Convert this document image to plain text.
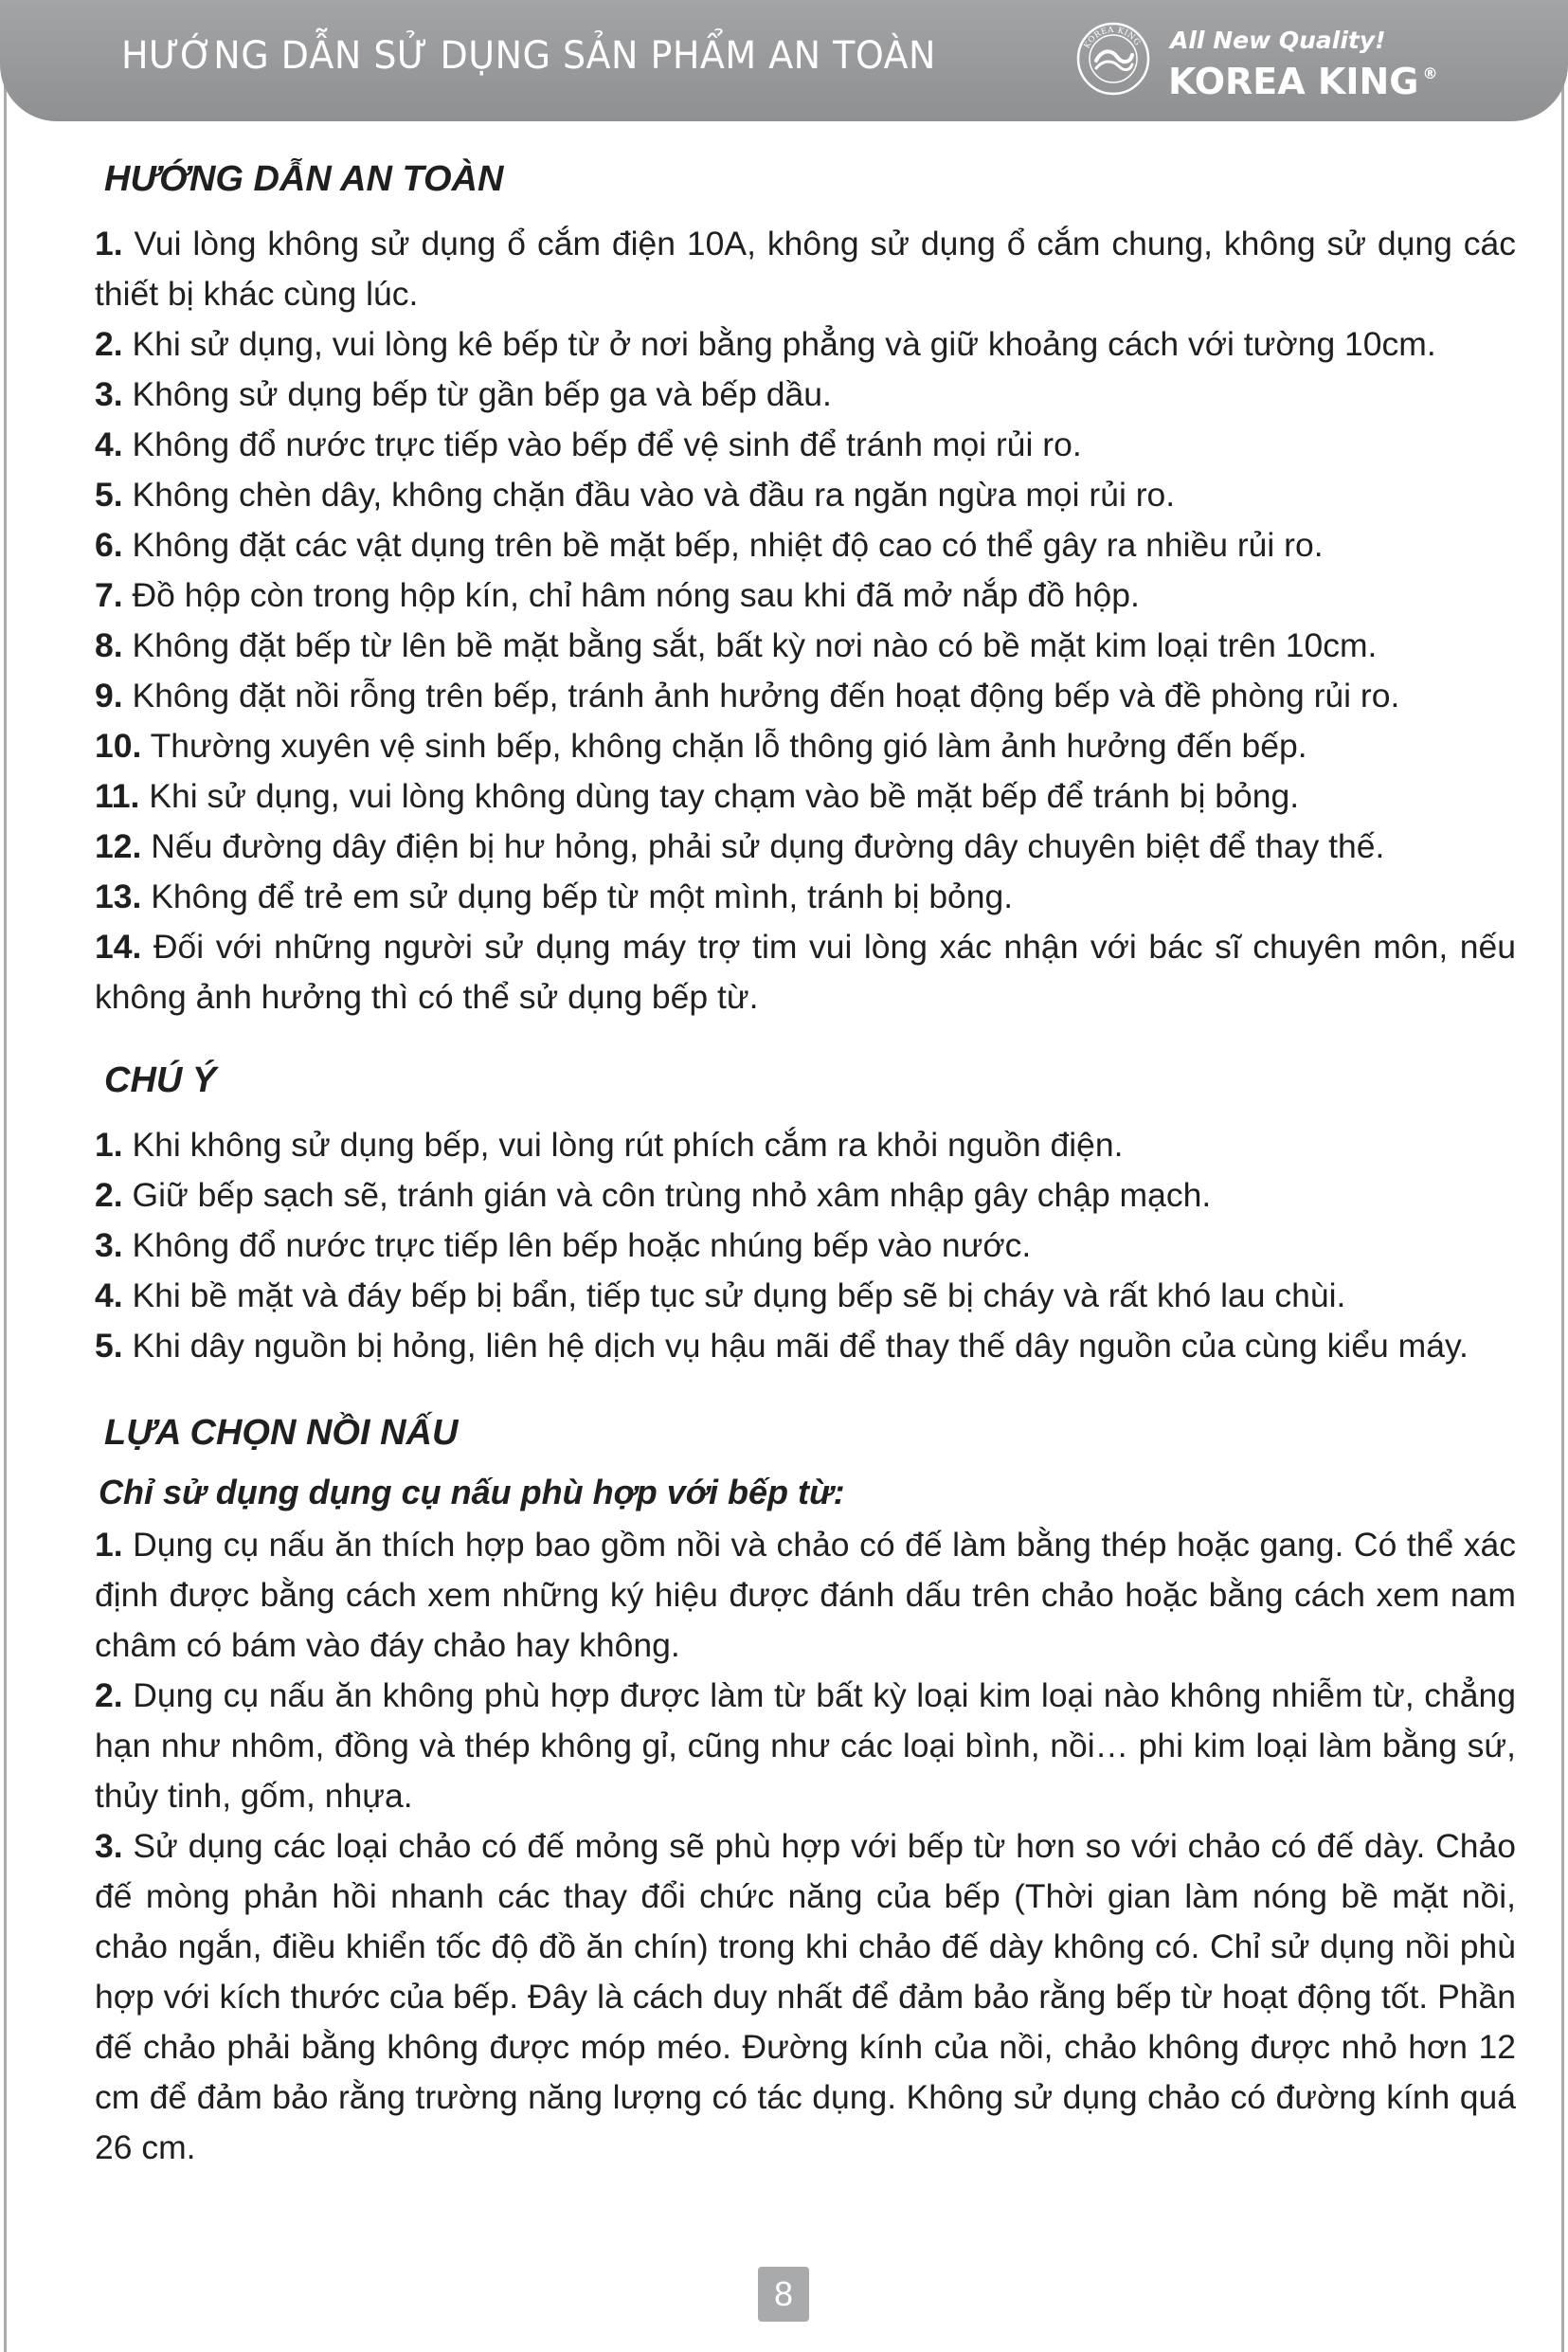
HƯỚNG DẪN SỬ DỤNG SẢN PHẨM AN TOÀN	KOREA KING All New Quality!
KOREA KING ®
HƯỚNG DẪN AN TOÀN

1. Vui lòng không sử dụng ổ cắm điện 10A, không sử dụng ổ cắm chung, không sử dụng các thiết bị khác cùng lúc.

2. Khi sử dụng, vui lòng kê bếp từ ở nơi bằng phẳng và giữ khoảng cách với tường 10cm.

3. Không sử dụng bếp từ gần bếp ga và bếp dầu.

4. Không đổ nước trực tiếp vào bếp để vệ sinh để tránh mọi rủi ro.

5. Không chèn dây, không chặn đầu vào và đầu ra ngăn ngừa mọi rủi ro.

6. Không đặt các vật dụng trên bề mặt bếp, nhiệt độ cao có thể gây ra nhiều rủi ro.

7. Đồ hộp còn trong hộp kín, chỉ hâm nóng sau khi đã mở nắp đồ hộp.

8. Không đặt bếp từ lên bề mặt bằng sắt, bất kỳ nơi nào có bề mặt kim loại trên 10cm.

9. Không đặt nồi rỗng trên bếp, tránh ảnh hưởng đến hoạt động bếp và đề phòng rủi ro.

10. Thường xuyên vệ sinh bếp, không chặn lỗ thông gió làm ảnh hưởng đến bếp.

11. Khi sử dụng, vui lòng không dùng tay chạm vào bề mặt bếp để tránh bị bỏng.

12. Nếu đường dây điện bị hư hỏng, phải sử dụng đường dây chuyên biệt để thay thế.

13. Không để trẻ em sử dụng bếp từ một mình, tránh bị bỏng.

14. Đối với những người sử dụng máy trợ tim vui lòng xác nhận với bác sĩ chuyên môn, nếu không ảnh hưởng thì có thể sử dụng bếp từ.

CHÚ Ý

1. Khi không sử dụng bếp, vui lòng rút phích cắm ra khỏi nguồn điện.

2. Giữ bếp sạch sẽ, tránh gián và côn trùng nhỏ xâm nhập gây chập mạch.

3. Không đổ nước trực tiếp lên bếp hoặc nhúng bếp vào nước.

4. Khi bề mặt và đáy bếp bị bẩn, tiếp tục sử dụng bếp sẽ bị cháy và rất khó lau chùi.

5. Khi dây nguồn bị hỏng, liên hệ dịch vụ hậu mãi để thay thế dây nguồn của cùng kiểu máy.

LỰA CHỌN NỒI NẤU
Chỉ sử dụng dụng cụ nấu phù hợp với bếp từ:

1. Dụng cụ nấu ăn thích hợp bao gồm nồi và chảo có đế làm bằng thép hoặc gang. Có thể xác định được bằng cách xem những ký hiệu được đánh dấu trên chảo hoặc bằng cách xem nam châm có bám vào đáy chảo hay không.

2. Dụng cụ nấu ăn không phù hợp được làm từ bất kỳ loại kim loại nào không nhiễm từ, chẳng hạn như nhôm, đồng và thép không gỉ, cũng như các loại bình, nồi… phi kim loại làm bằng sứ, thủy tinh, gốm, nhựa.

3. Sử dụng các loại chảo có đế mỏng sẽ phù hợp với bếp từ hơn so với chảo có đế dày. Chảo đế mòng phản hồi nhanh các thay đổi chức năng của bếp (Thời gian làm nóng bề mặt nồi, chảo ngắn, điều khiển tốc độ đồ ăn chín) trong khi chảo đế dày không có. Chỉ sử dụng nồi phù hợp với kích thước của bếp. Đây là cách duy nhất để đảm bảo rằng bếp từ hoạt động tốt. Phần đế chảo phải bằng không được móp méo. Đường kính của nồi, chảo không được nhỏ hơn 12 cm để đảm bảo rằng trường năng lượng có tác dụng. Không sử dụng chảo có đường kính quá 26 cm.

8
